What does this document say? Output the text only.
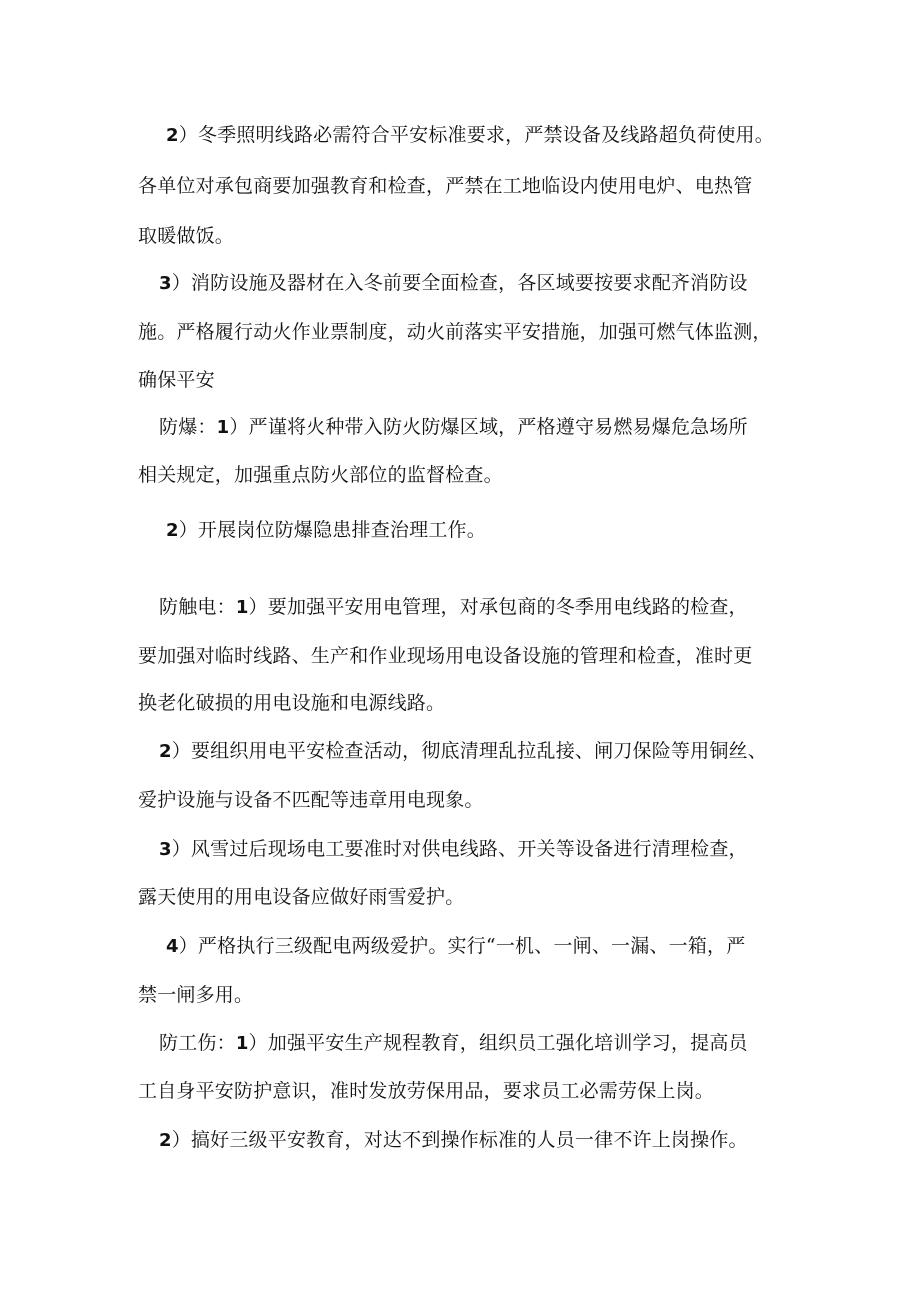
2）冬季照明线路必需符合平安标准要求，严禁设备及线路超负荷使用。
各单位对承包商要加强教育和检查，严禁在工地临设内使用电炉、电热管
取暖做饭。
3）消防设施及器材在入冬前要全面检查，各区域要按要求配齐消防设
施。严格履行动火作业票制度，动火前落实平安措施，加强可燃气体监测，
确保平安
防爆：1）严谨将火种带入防火防爆区域，严格遵守易燃易爆危急场所
相关规定，加强重点防火部位的监督检查。
2）开展岗位防爆隐患排查治理工作。
防触电：1）要加强平安用电管理，对承包商的冬季用电线路的检查，
要加强对临时线路、生产和作业现场用电设备设施的管理和检查，准时更
换老化破损的用电设施和电源线路。
2）要组织用电平安检查活动，彻底清理乱拉乱接、闸刀保险等用铜丝、
爱护设施与设备不匹配等违章用电现象。
3）风雪过后现场电工要准时对供电线路、开关等设备进行清理检查，
露天使用的用电设备应做好雨雪爱护。
4）严格执行三级配电两级爱护。实行“一机、一闸、一漏、一箱，严
禁一闸多用。
防工伤：1）加强平安生产规程教育，组织员工强化培训学习，提高员
工自身平安防护意识，准时发放劳保用品，要求员工必需劳保上岗。
2）搞好三级平安教育，对达不到操作标准的人员一律不许上岗操作。
